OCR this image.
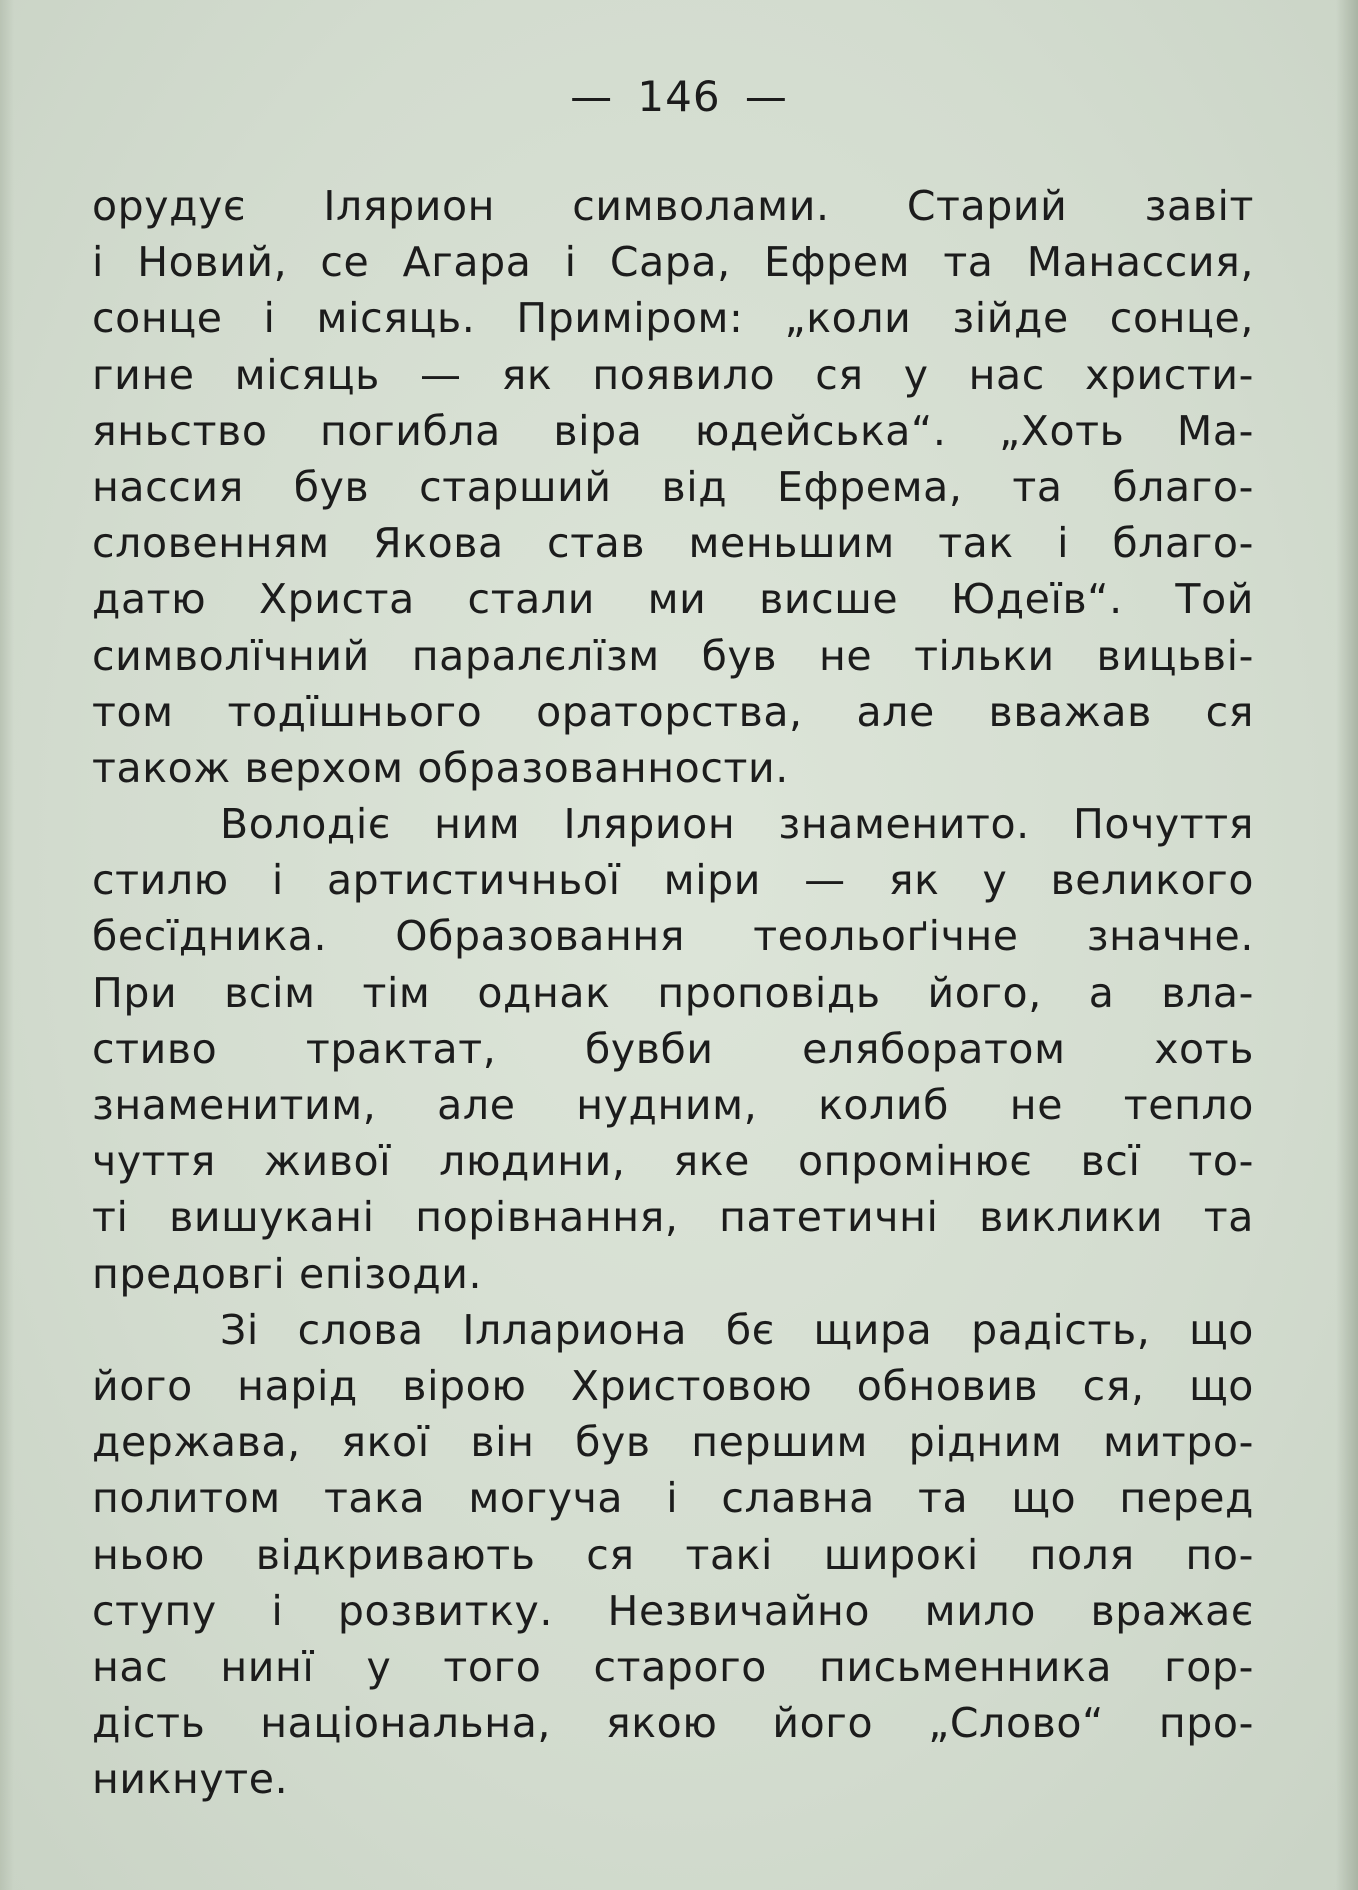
— 146 —
орудує Ілярион символами. Старий завіт
і Новий, се Агара і Сара, Ефрем та Манассия,
сонце і місяць. Приміром: „коли зійде сонце,
гине місяць — як появило ся у нас христи-
яньство погибла віра юдейська“. „Хоть Ма-
нассия був старший від Ефрема, та благо-
словенням Якова став меньшим так і благо-
датю Христа стали ми висше Юдеїв“. Той
символїчний паралєлїзм був не тільки вицьві-
том тодїшнього ораторства, але вважав ся
також верхом образованности.
Володіє ним Ілярион знаменито. Почуття
стилю і артистичньої міри — як у великого
бесїдника. Образовання теольоґічне значне.
При всім тім однак проповідь його, а вла-
стиво трактат, бувби еляборатом хоть
знаменитим, але нудним, колиб не тепло
чуття живої людини, яке опромінює всї то-
ті вишукані порівнання, патетичні виклики та
предовгі епізоди.
Зі слова Іллариона бє щира радість, що
його нарід вірою Христовою обновив ся, що
держава, якої він був першим рідним митро-
политом така могуча і славна та що перед
ньою відкривають ся такі широкі поля по-
ступу і розвитку. Незвичайно мило вражає
нас нинї у того старого письменника гор-
дість національна, якою його „Слово“ про-
никнуте.
